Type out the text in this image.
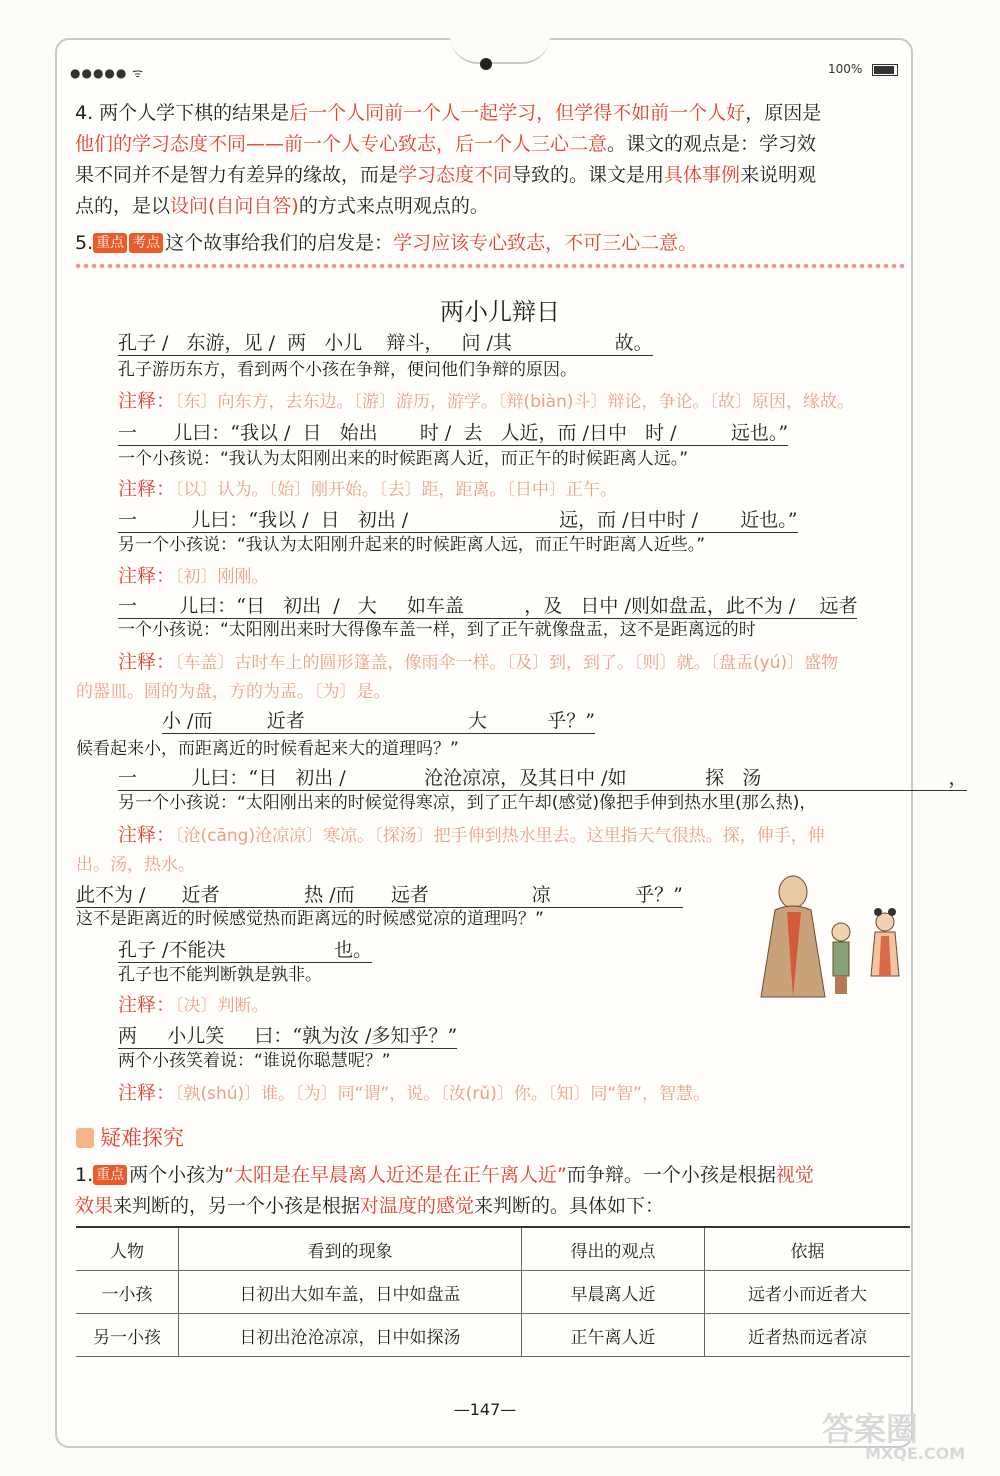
●●●●● ᯤ	100%
4. 两个人学下棋的结果是后一个人同前一个人一起学习，但学得不如前一个人好，原因是
他们的学习态度不同——前一个人专心致志，后一个人三心二意。课文的观点是：学习效
果不同并不是智力有差异的缘故，而是学习态度不同导致的。课文是用具体事例来说明观
点的，是以设问(自问自答)的方式来点明观点的。
5. 重点 考点 这个故事给我们的启发是：学习应该专心致志，不可三心二意。
两小儿辩日
孔子 /   东游，见 /  两   小儿    辩斗，   问 /其                 故。
孔子游历东方，看到两个小孩在争辩，便问他们争辩的原因。
注释：〔东〕向东方，去东边。〔游〕游历，游学。〔辩(biàn)斗〕辩论，争论。〔故〕原因，缘故。
一      儿曰：“我以 /  日   始出       时 /  去   人近，而 /日中   时 /         远也。”
一个小孩说：“我认为太阳刚出来的时候距离人近，而正午的时候距离人远。”
注释：〔以〕认为。〔始〕刚开始。〔去〕距，距离。〔日中〕正午。
一         儿曰：“我以 /  日   初出 /                         远，而 /日中时 /       近也。”
另一个小孩说：“我认为太阳刚升起来的时候距离人远，而正午时距离人近些。”
注释：〔初〕刚刚。
一       儿曰：“日   初出  /   大     如车盖          ，及   日中 /则如盘盂，此不为 /    远者
一个小孩说：“太阳刚出来时大得像车盖一样，到了正午就像盘盂，这不是距离远的时
注释：〔车盖〕古时车上的圆形篷盖，像雨伞一样。〔及〕到，到了。〔则〕就。〔盘盂(yú)〕盛物
的器皿。圆的为盘，方的为盂。〔为〕是。
小 /而         近者                           大          乎？”
候看起来小，而距离近的时候看起来大的道理吗？”
一         儿曰：“日   初出 /             沧沧凉凉，及其日中 /如             探   汤                               ，
另一个小孩说：“太阳刚出来的时候觉得寒凉，到了正午却(感觉)像把手伸到热水里(那么热)，
注释：〔沧(cāng)沧凉凉〕寒凉。〔探汤〕把手伸到热水里去。这里指天气很热。探，伸手，伸
出。汤，热水。
此不为 /      近者              热 /而      远者                 凉              乎？”
这不是距离近的时候感觉热而距离远的时候感觉凉的道理吗？”
孔子 /不能决                  也。
孔子也不能判断孰是孰非。
注释：〔决〕判断。
两     小儿笑     曰：“孰为汝 /多知乎？”
两个小孩笑着说：“谁说你聪慧呢？”
注释：〔孰(shú)〕谁。〔为〕同“谓”，说。〔汝(rǔ)〕你。〔知〕同“智”，智慧。
疑难探究
1. 重点 两个小孩为“太阳是在早晨离人近还是在正午离人近”而争辩。一个小孩是根据视觉
效果来判断的，另一个小孩是根据对温度的感觉来判断的。具体如下：
人物	看到的现象	得出的观点	依据
一小孩	日初出大如车盖，日中如盘盂	早晨离人近	远者小而近者大
另一小孩	日初出沧沧凉凉，日中如探汤	正午离人近	近者热而远者凉
—147—
答案圈
MXQE.COM
